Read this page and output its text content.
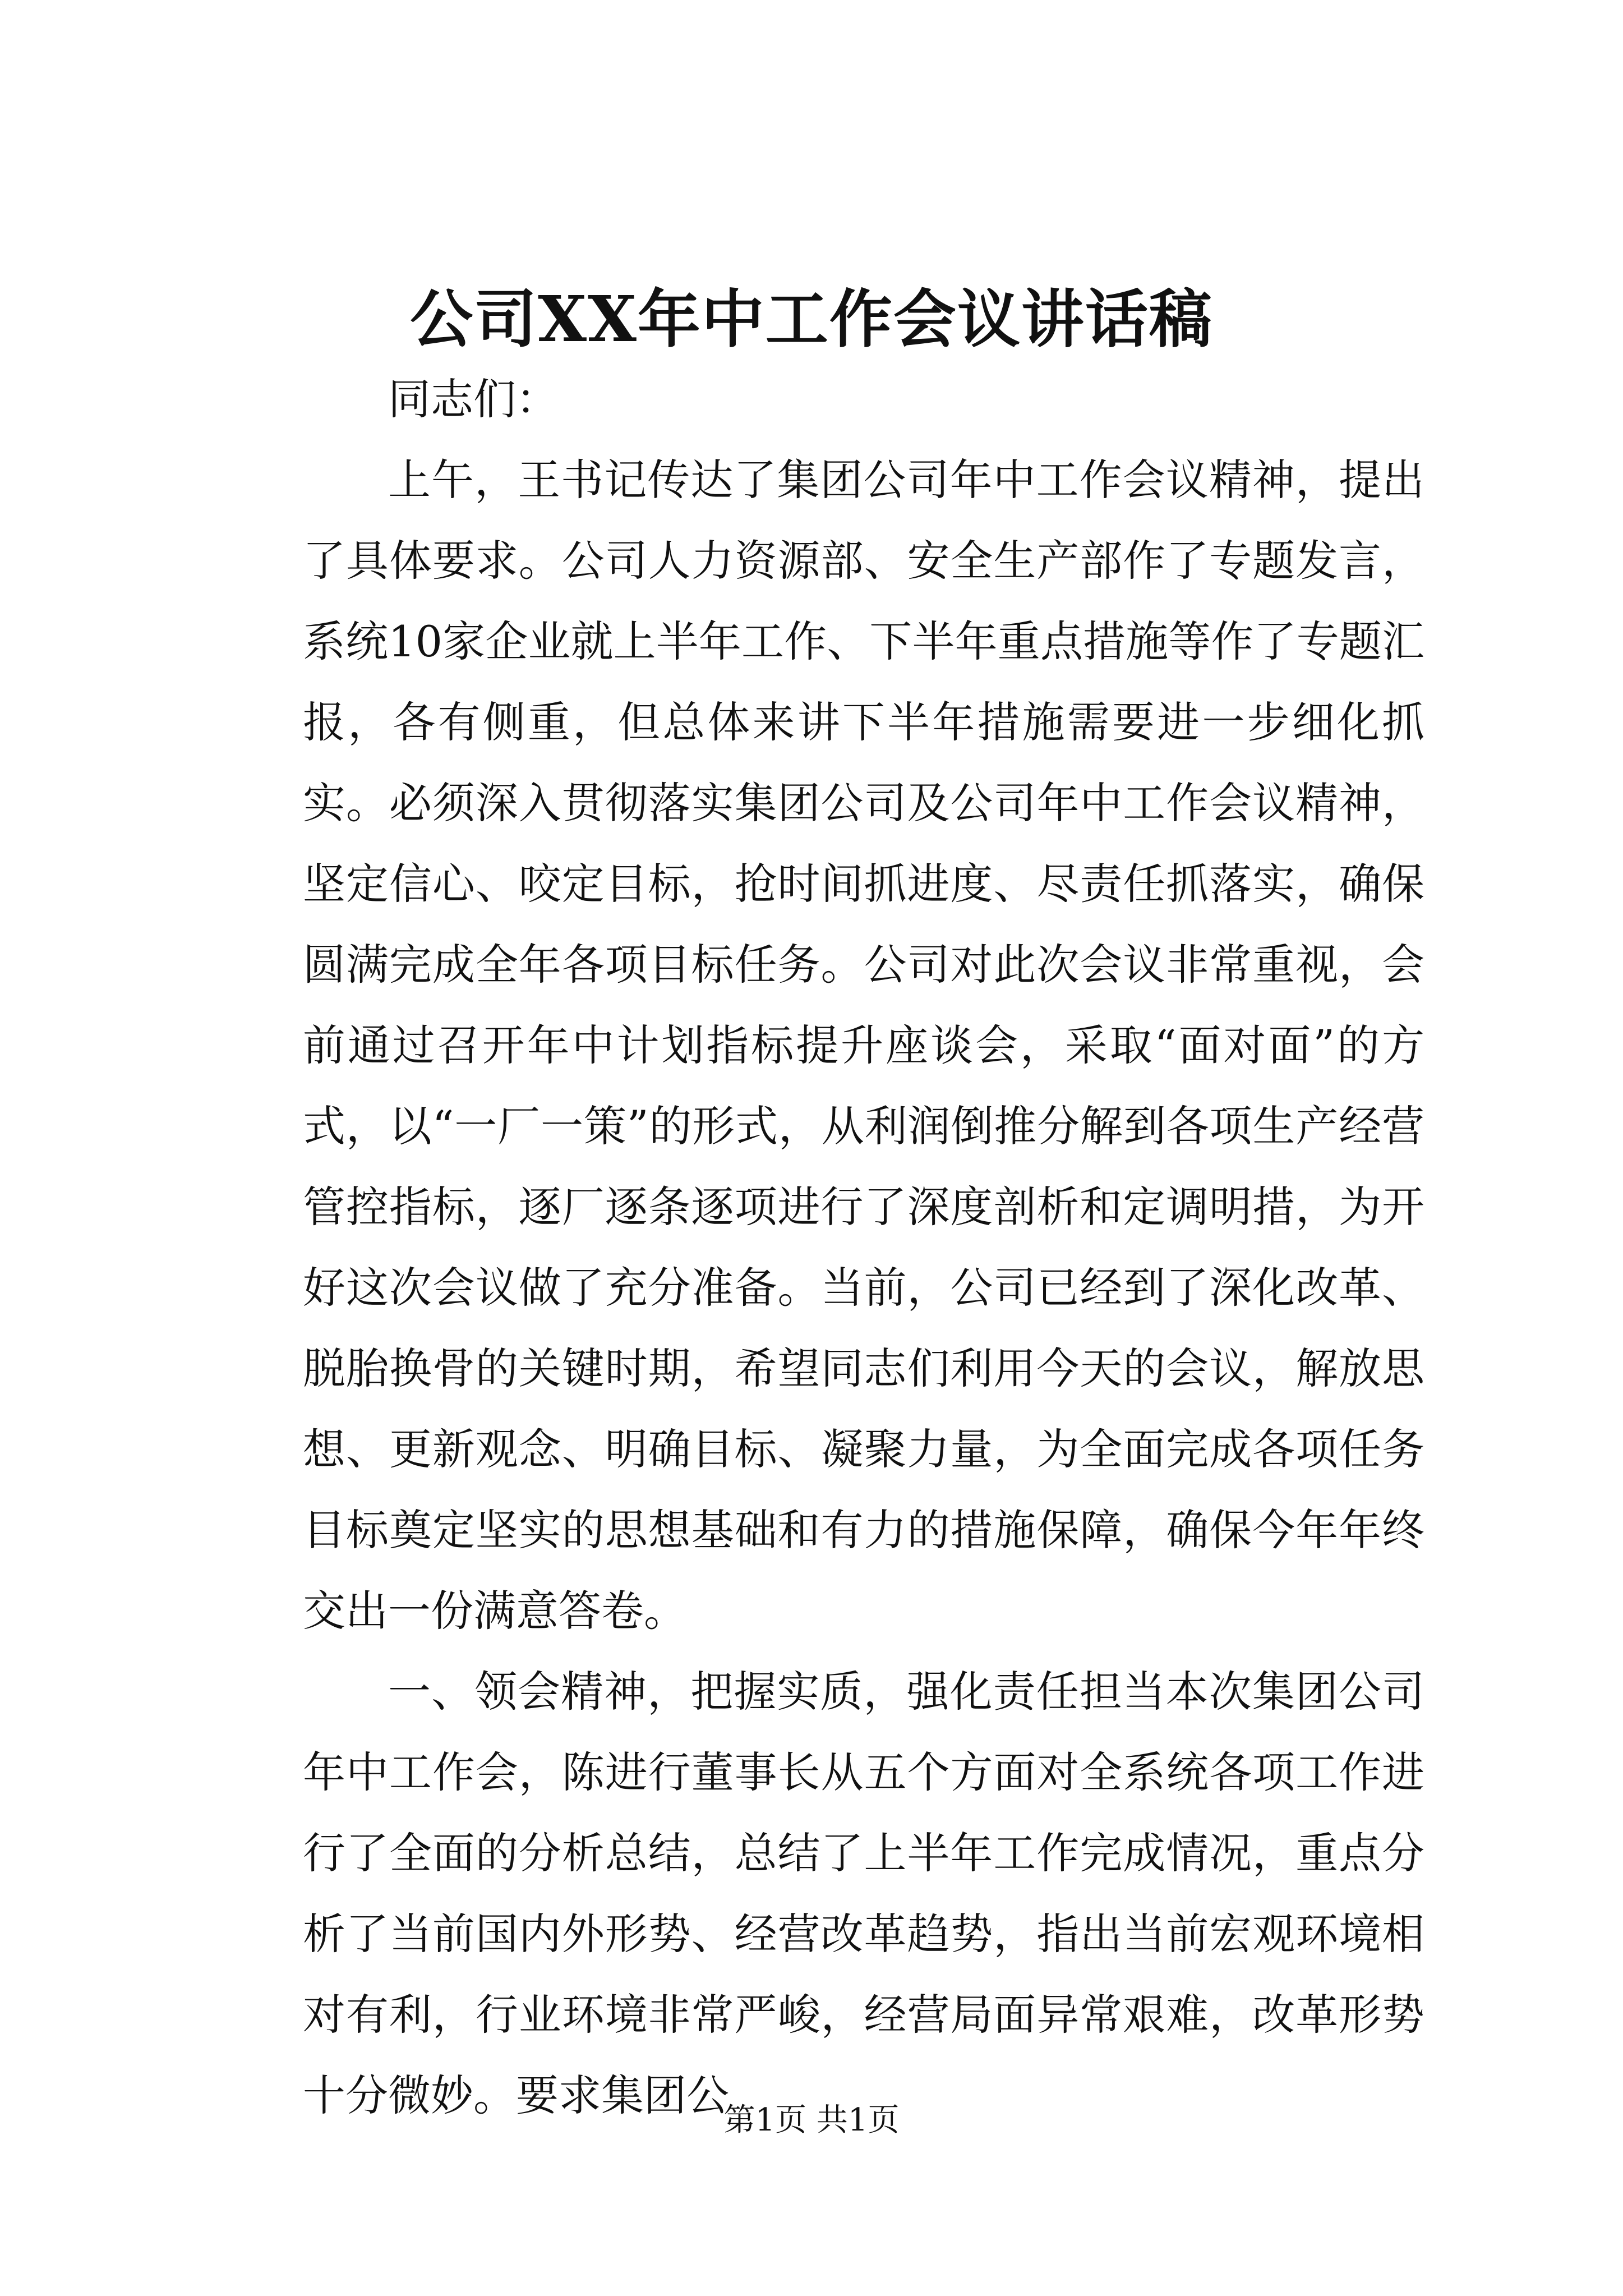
公司XX年中工作会议讲话稿

同志们：

上午，王书记传达了集团公司年中工作会议精神，提出了具体要求。公司人力资源部、安全生产部作了专题发言，系统10家企业就上半年工作、下半年重点措施等作了专题汇报，各有侧重，但总体来讲下半年措施需要进一步细化抓实。必须深入贯彻落实集团公司及公司年中工作会议精神，坚定信心、咬定目标，抢时间抓进度、尽责任抓落实，确保圆满完成全年各项目标任务。公司对此次会议非常重视，会前通过召开年中计划指标提升座谈会，采取“面对面”的方式，以“一厂一策”的形式，从利润倒推分解到各项生产经营管控指标，逐厂逐条逐项进行了深度剖析和定调明措，为开好这次会议做了充分准备。当前，公司已经到了深化改革、脱胎换骨的关键时期，希望同志们利用今天的会议，解放思想、更新观念、明确目标、凝聚力量，为全面完成各项任务目标奠定坚实的思想基础和有力的措施保障，确保今年年终交出一份满意答卷。

一、领会精神，把握实质，强化责任担当本次集团公司年中工作会，陈进行董事长从五个方面对全系统各项工作进行了全面的分析总结，总结了上半年工作完成情况，重点分析了当前国内外形势、经营改革趋势，指出当前宏观环境相对有利，行业环境非常严峻，经营局面异常艰难，改革形势十分微妙。要求集团公

第1页 共1页
